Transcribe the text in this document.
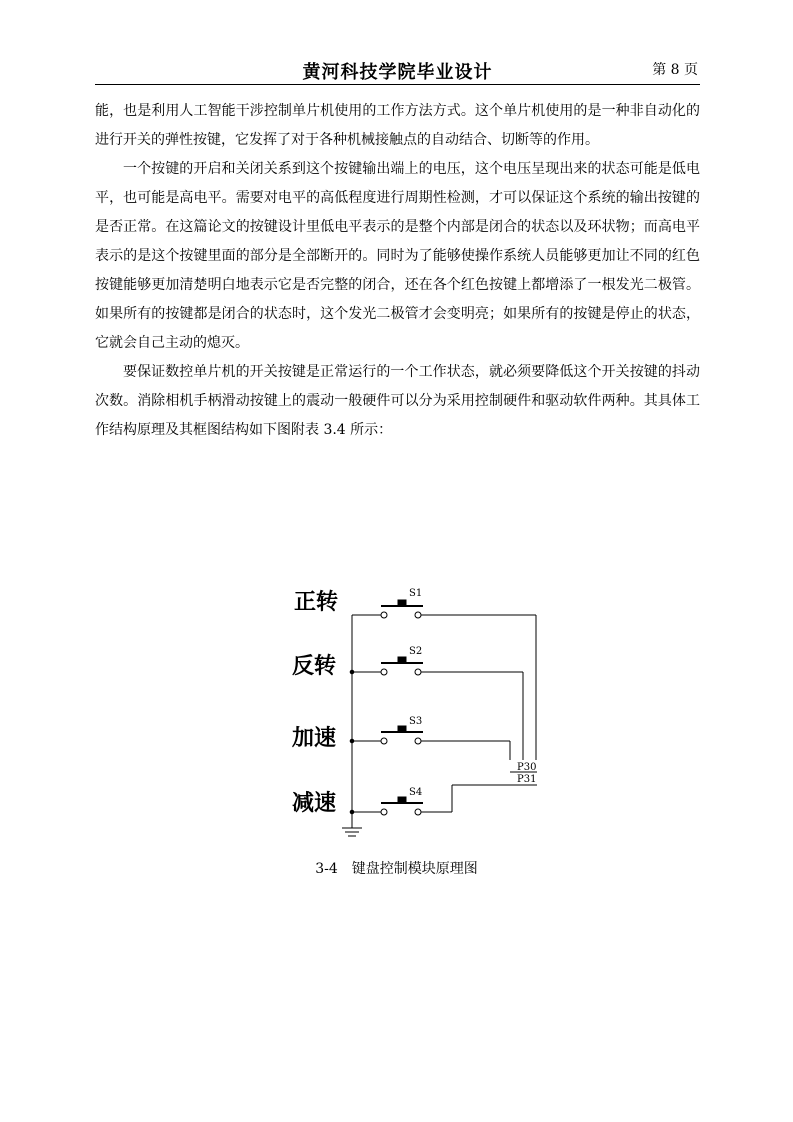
黄河科技学院毕业设计	第 8 页

能，也是利用人工智能干涉控制单片机使用的工作方法方式。这个单片机使用的是一种非自动化的进行开关的弹性按键，它发挥了对于各种机械接触点的自动结合、切断等的作用。

一个按键的开启和关闭关系到这个按键输出端上的电压，这个电压呈现出来的状态可能是低电平，也可能是高电平。需要对电平的高低程度进行周期性检测，才可以保证这个系统的输出按键的是否正常。在这篇论文的按键设计里低电平表示的是整个内部是闭合的状态以及环状物；而高电平表示的是这个按键里面的部分是全部断开的。同时为了能够使操作系统人员能够更加让不同的红色按键能够更加清楚明白地表示它是否完整的闭合，还在各个红色按键上都增添了一根发光二极管。如果所有的按键都是闭合的状态时，这个发光二极管才会变明亮；如果所有的按键是停止的状态，它就会自己主动的熄灭。

要保证数控单片机的开关按键是正常运行的一个工作状态，就必须要降低这个开关按键的抖动次数。消除相机手柄滑动按键上的震动一般硬件可以分为采用控制硬件和驱动软件两种。其具体工作结构原理及其框图结构如下图附表 3.4 所示：

正转
反转
加速
减速
S1
S2
S3
S4
P30
P31
3-4 键盘控制模块原理图
